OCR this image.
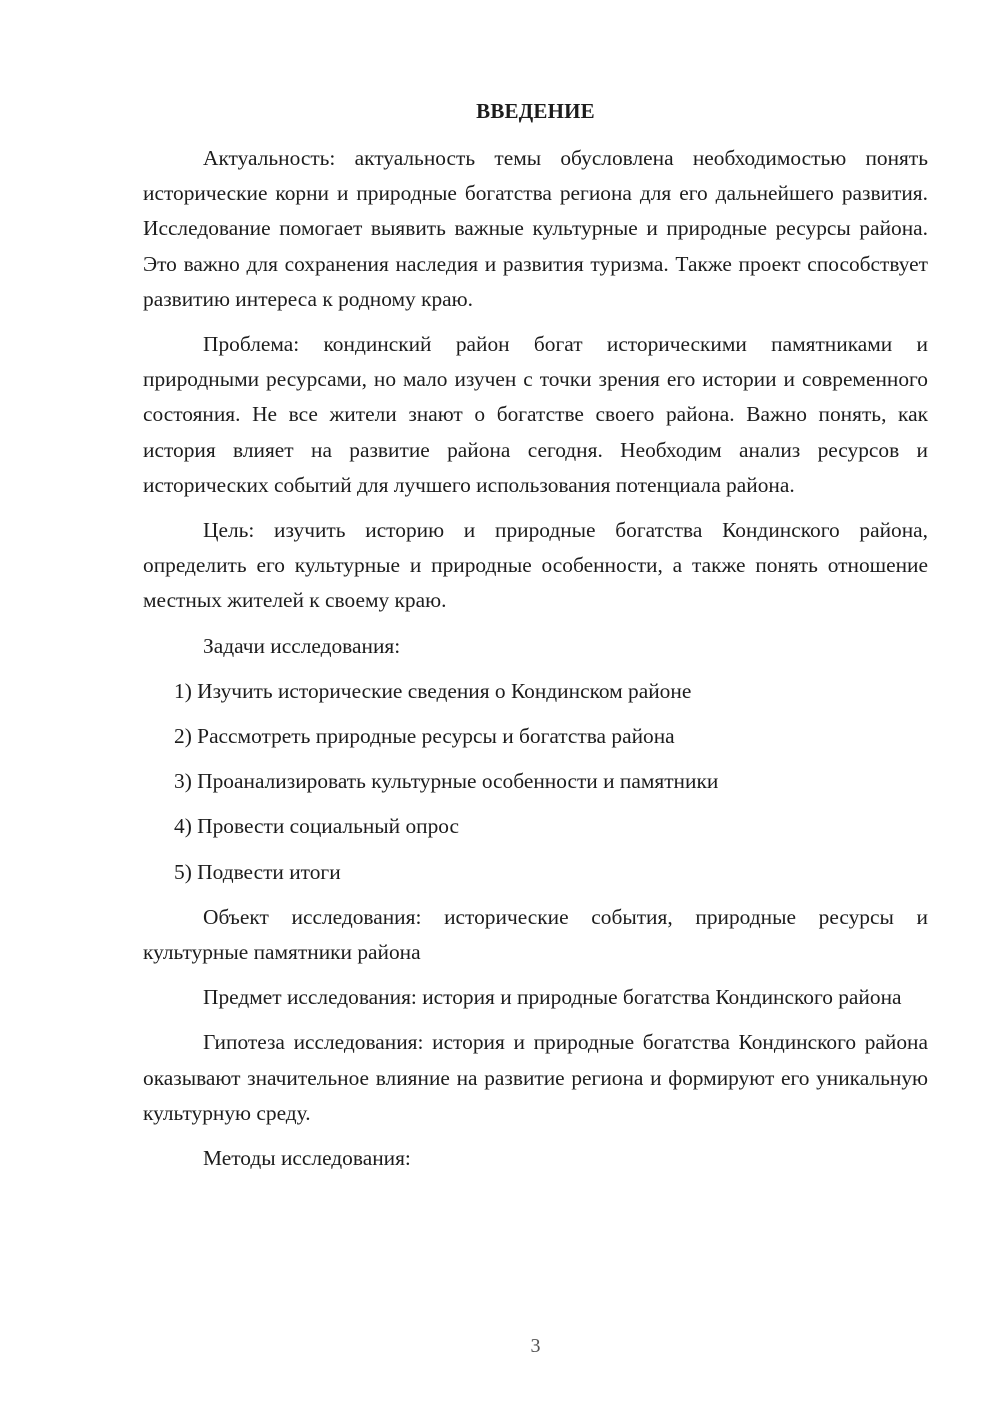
ВВЕДЕНИЕ

Актуальность: актуальность темы обусловлена необходимостью понять исторические корни и природные богатства региона для его дальнейшего развития. Исследование помогает выявить важные культурные и природные ресурсы района. Это важно для сохранения наследия и развития туризма. Также проект способствует развитию интереса к родному краю.

Проблема: кондинский район богат историческими памятниками и природными ресурсами, но мало изучен с точки зрения его истории и современного состояния. Не все жители знают о богатстве своего района. Важно понять, как история влияет на развитие района сегодня. Необходим анализ ресурсов и исторических событий для лучшего использования потенциала района.

Цель: изучить историю и природные богатства Кондинского района, определить его культурные и природные особенности, а также понять отношение местных жителей к своему краю.

Задачи исследования:

1) Изучить исторические сведения о Кондинском районе

2) Рассмотреть природные ресурсы и богатства района

3) Проанализировать культурные особенности и памятники

4) Провести социальный опрос

5) Подвести итоги

Объект исследования: исторические события, природные ресурсы и культурные памятники района

Предмет исследования: история и природные богатства Кондинского района

Гипотеза исследования: история и природные богатства Кондинского района оказывают значительное влияние на развитие региона и формируют его уникальную культурную среду.

Методы исследования:

3
